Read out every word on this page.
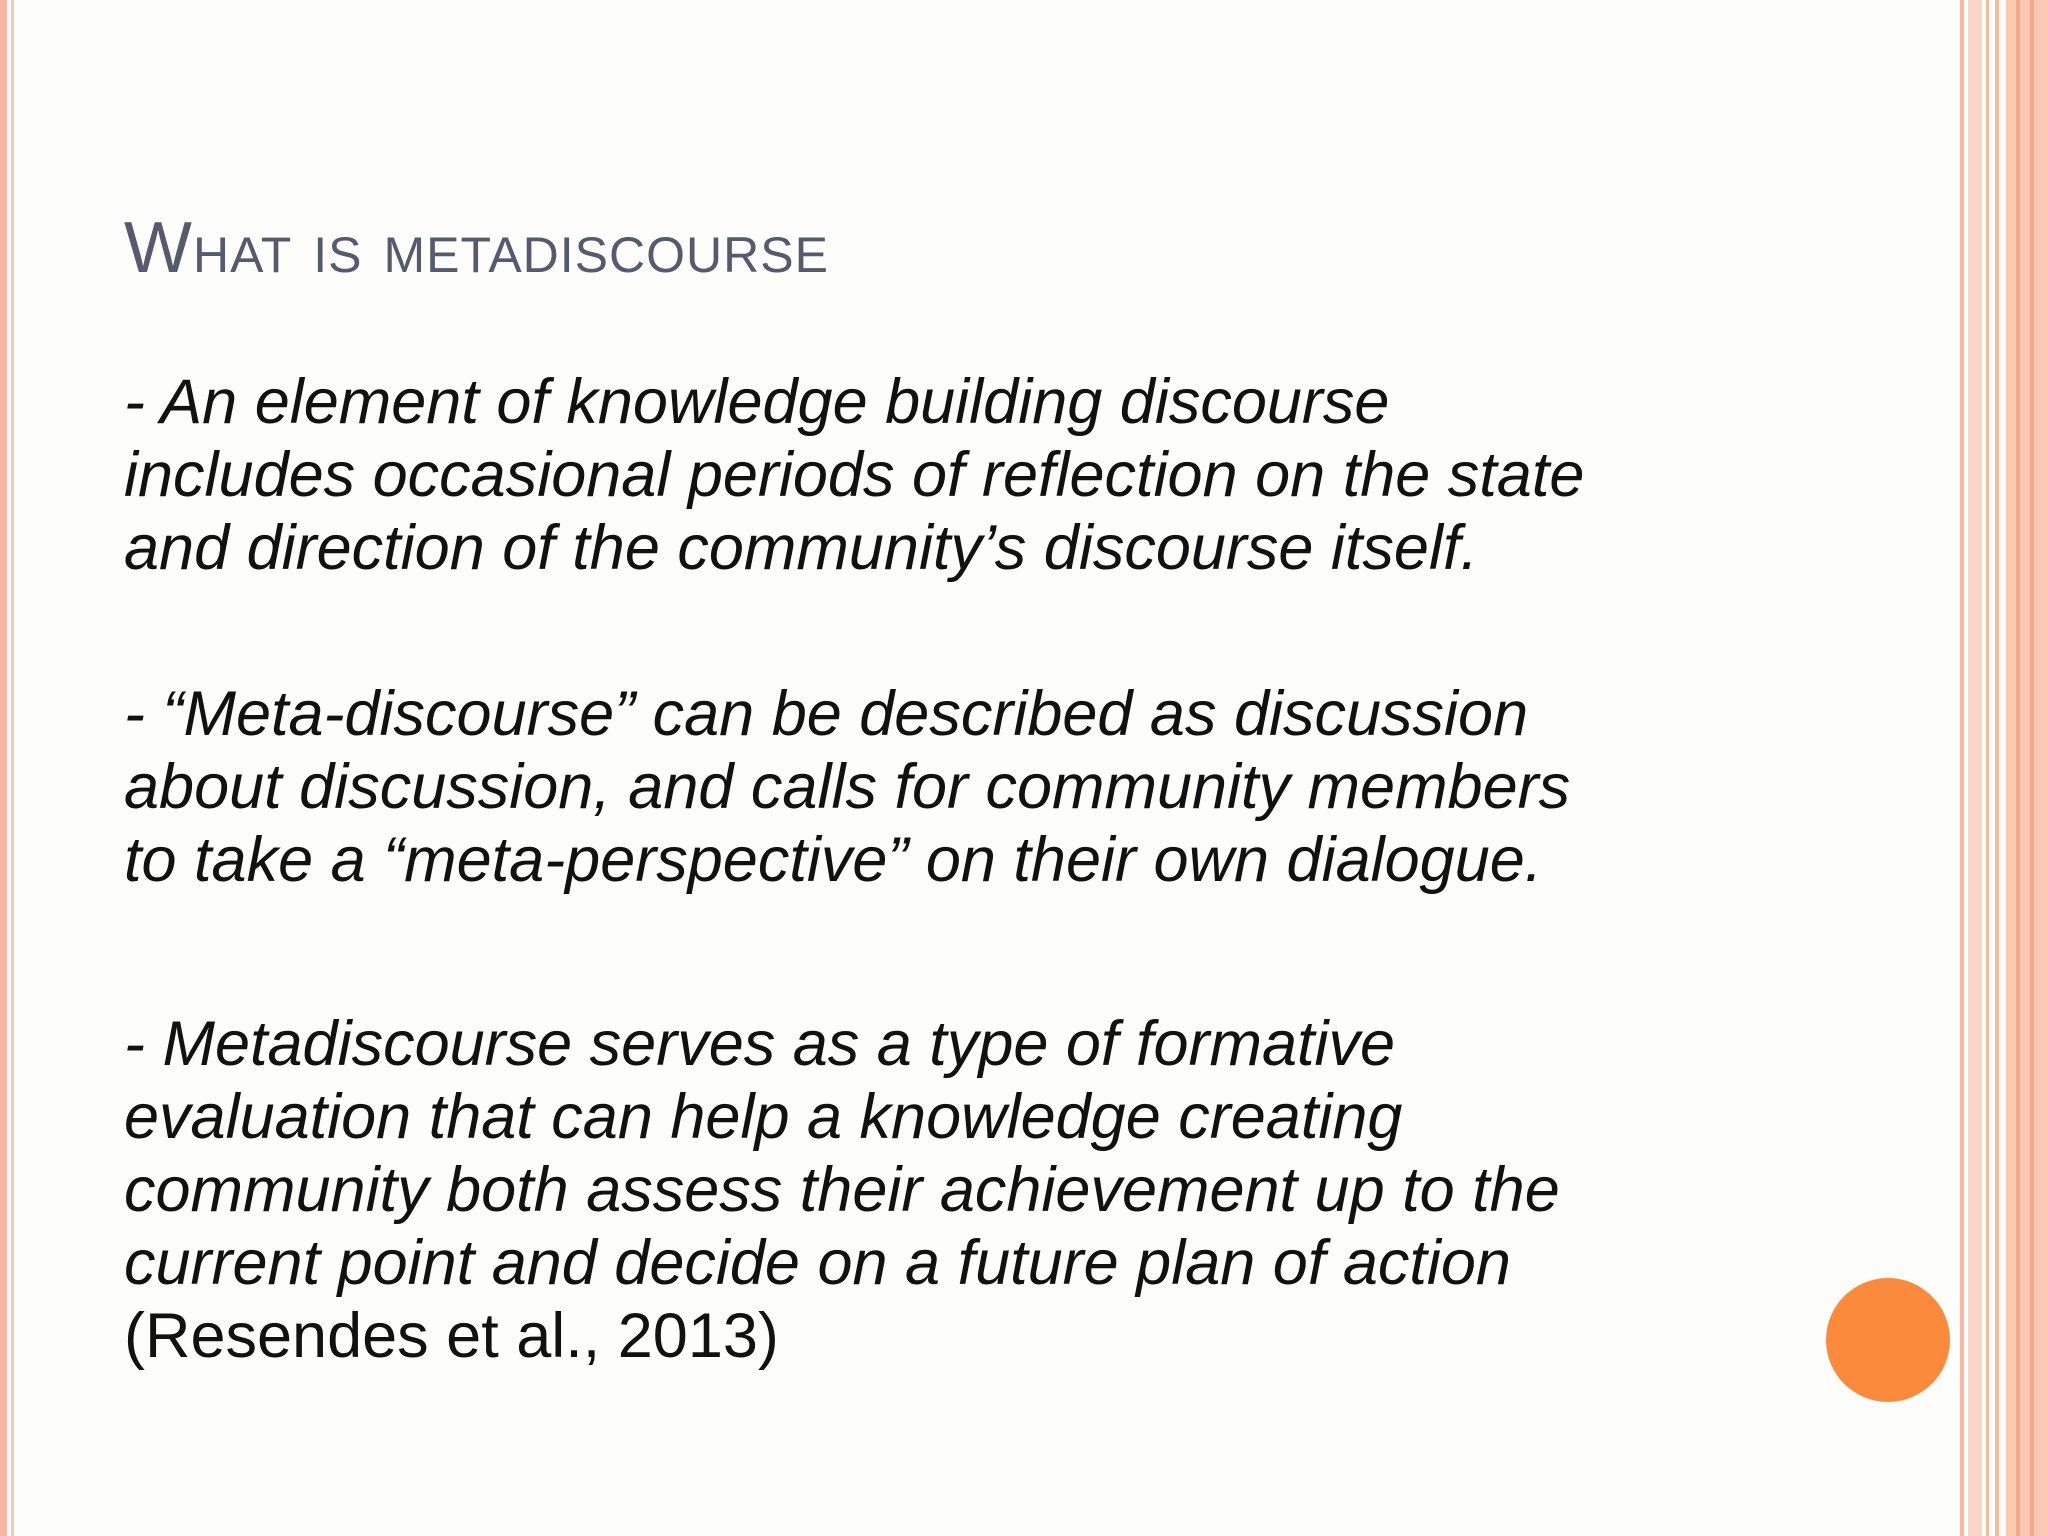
What is metadiscourse

- An element of knowledge building discourse
includes occasional periods of reflection on the state
and direction of the community’s discourse itself.

- “Meta-discourse” can be described as discussion
about discussion, and calls for community members
to take a “meta-perspective” on their own dialogue.

- Metadiscourse serves as a type of formative
evaluation that can help a knowledge creating
community both assess their achievement up to the
current point and decide on a future plan of action
(Resendes et al., 2013)
